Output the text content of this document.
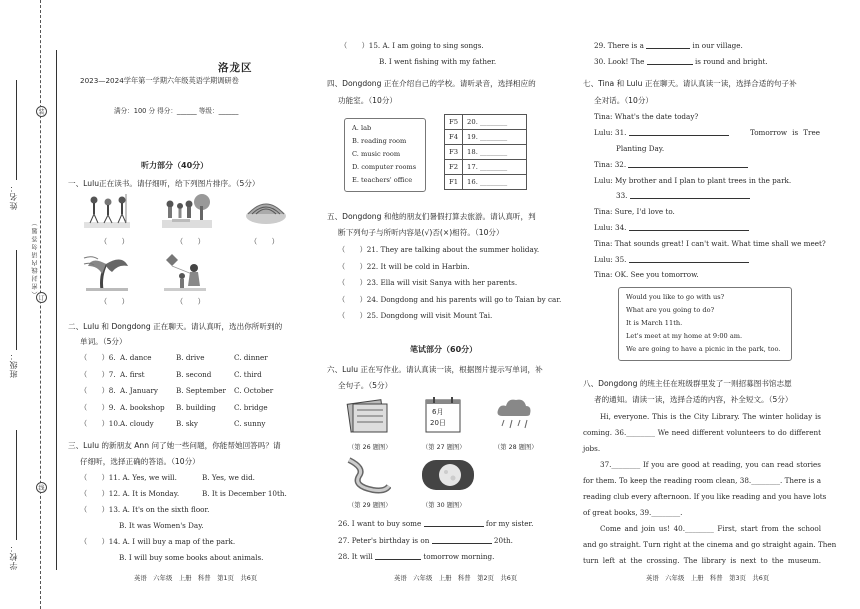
装
订
线
（ 密 封 线 内 请 勿 答 题 ）
姓名：
班级：
学校：
洛龙区
2023—2024学年第一学期六年级英语学期调研卷
满分：100 分 得分：______ 等级：______
听力部分（40分）
一、Lulu正在读书。请仔细听，给下列图片排序。（5分）
（　　）	（　　）	（　　）
（　　）	（　　）
二、Lulu 和 Dongdong 正在聊天。请认真听，选出你所听到的
单词。（5分）
（　　）6. A. dance	B. drive	C. dinner
（　　）7. A. first	B. second	C. third
（　　）8. A. January	B. September C. October
（　　）9. A. bookshop B. building	C. bridge
（　　）10. A. cloudy	B. sky	C. sunny
三、Lulu 的新朋友 Ann 问了她一些问题，你能帮她回答吗？请
仔细听，选择正确的答语。（10分）
（　　）11. A. Yes, we will.	B. Yes, we did.
（　　）12. A. It is Monday.	B. It is December 10th.
（　　）13. A. It's on the sixth floor.
B. It was Women's Day.
（　　）14. A. I will buy a map of the park.
B. I will buy some books about animals.
英语　六年级　上册　科普　第1页　共6页
（　　）15. A. I am going to sing songs.
B. I went fishing with my father.
四、Dongdong 正在介绍自己的学校。请听录音，选择相应的
功能室。（10分）
A. lab
B. reading room
C. music room
D. computer rooms
E. teachers' office
F5	20. ________
F4	19. ________
F3	18. ________
F2	17. ________
F1	16. ________
五、Dongdong 和他的朋友们暑假打算去旅游。请认真听，判
断下列句子与所听内容是(√)否(×)相符。（10分）
（　　）21. They are talking about the summer holiday.
（　　）22. It will be cold in Harbin.
（　　）23. Ella will visit Sanya with her parents.
（　　）24. Dongdong and his parents will go to Taian by car.
（　　）25. Dongdong will visit Mount Tai.
笔试部分（60分）
六、Lulu 正在写作业。请认真读一读，根据图片提示写单词，补
全句子。（5分）
（第 26 题图）
6月
20日
（第 27 题图）	（第 28 题图）
（第 29 题图）	（第 30 题图）
26. I want to buy some	for my sister.
27. Peter's birthday is on	20th.
28. It will	tomorrow morning.
英语　六年级　上册　科普　第2页　共6页
29. There is a	in our village.
30. Look! The	is round and bright.
七、Tina 和 Lulu 正在聊天。请认真读一读，选择合适的句子补
全对话。（10分）
Tina: What's the date today?
Lulu: 31.	Tomorrow is Tree
Planting Day.
Tina: 32.
Lulu: My brother and I plan to plant trees in the park.
33.
Tina: Sure, I'd love to.
Lulu: 34.
Tina: That sounds great! I can't wait. What time shall we meet?
Lulu: 35.
Tina: OK. See you tomorrow.
Would you like to go with us?
What are you going to do?
It is March 11th.
Let's meet at my home at 9:00 am.
We are going to have a picnic in the park, too.
八、Dongdong 的班主任在班级群里发了一则招募图书馆志愿
者的通知。请读一读，选择合适的内容，补全短文。（5分）
Hi, everyone. This is the City Library. The winter holiday is
coming. 36.________ We need different volunteers to do different
jobs.
37.________ If you are good at reading, you can read stories
for them. To keep the reading room clean, 38.________. There is a
reading club every afternoon. If you like reading and you have lots
of great books, 39.________.
Come and join us! 40.________ First, start from the school
and go straight. Turn right at the cinema and go straight again. Then
turn left at the crossing. The library is next to the museum.
英语　六年级　上册　科普　第3页　共6页
